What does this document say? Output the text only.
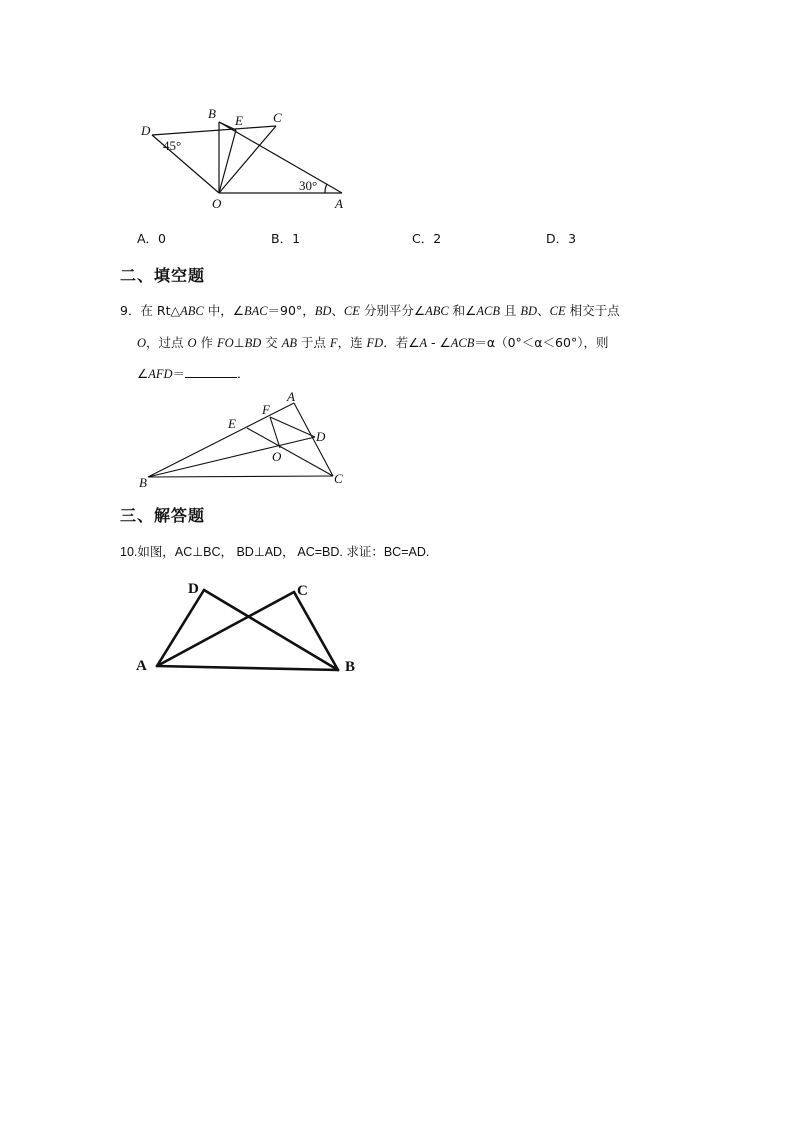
D
B E C
O	A
45°
30°
A．0	B．1	C．2	D．3
二、填空题
9．在 Rt△ABC 中，∠BAC＝90°，BD、CE 分别平分∠ABC 和∠ACB 且 BD、CE 相交于点
O，过点 O 作 FO⊥BD 交 AB 于点 F，连 FD．若∠A - ∠ACB＝α（0°＜α＜60°），则
∠AFD＝	．
A
F
E
D
O
B	C
三、解答题
10.如图，AC⊥BC， BD⊥AD， AC=BD. 求证：BC=AD.
D	C
A	B
